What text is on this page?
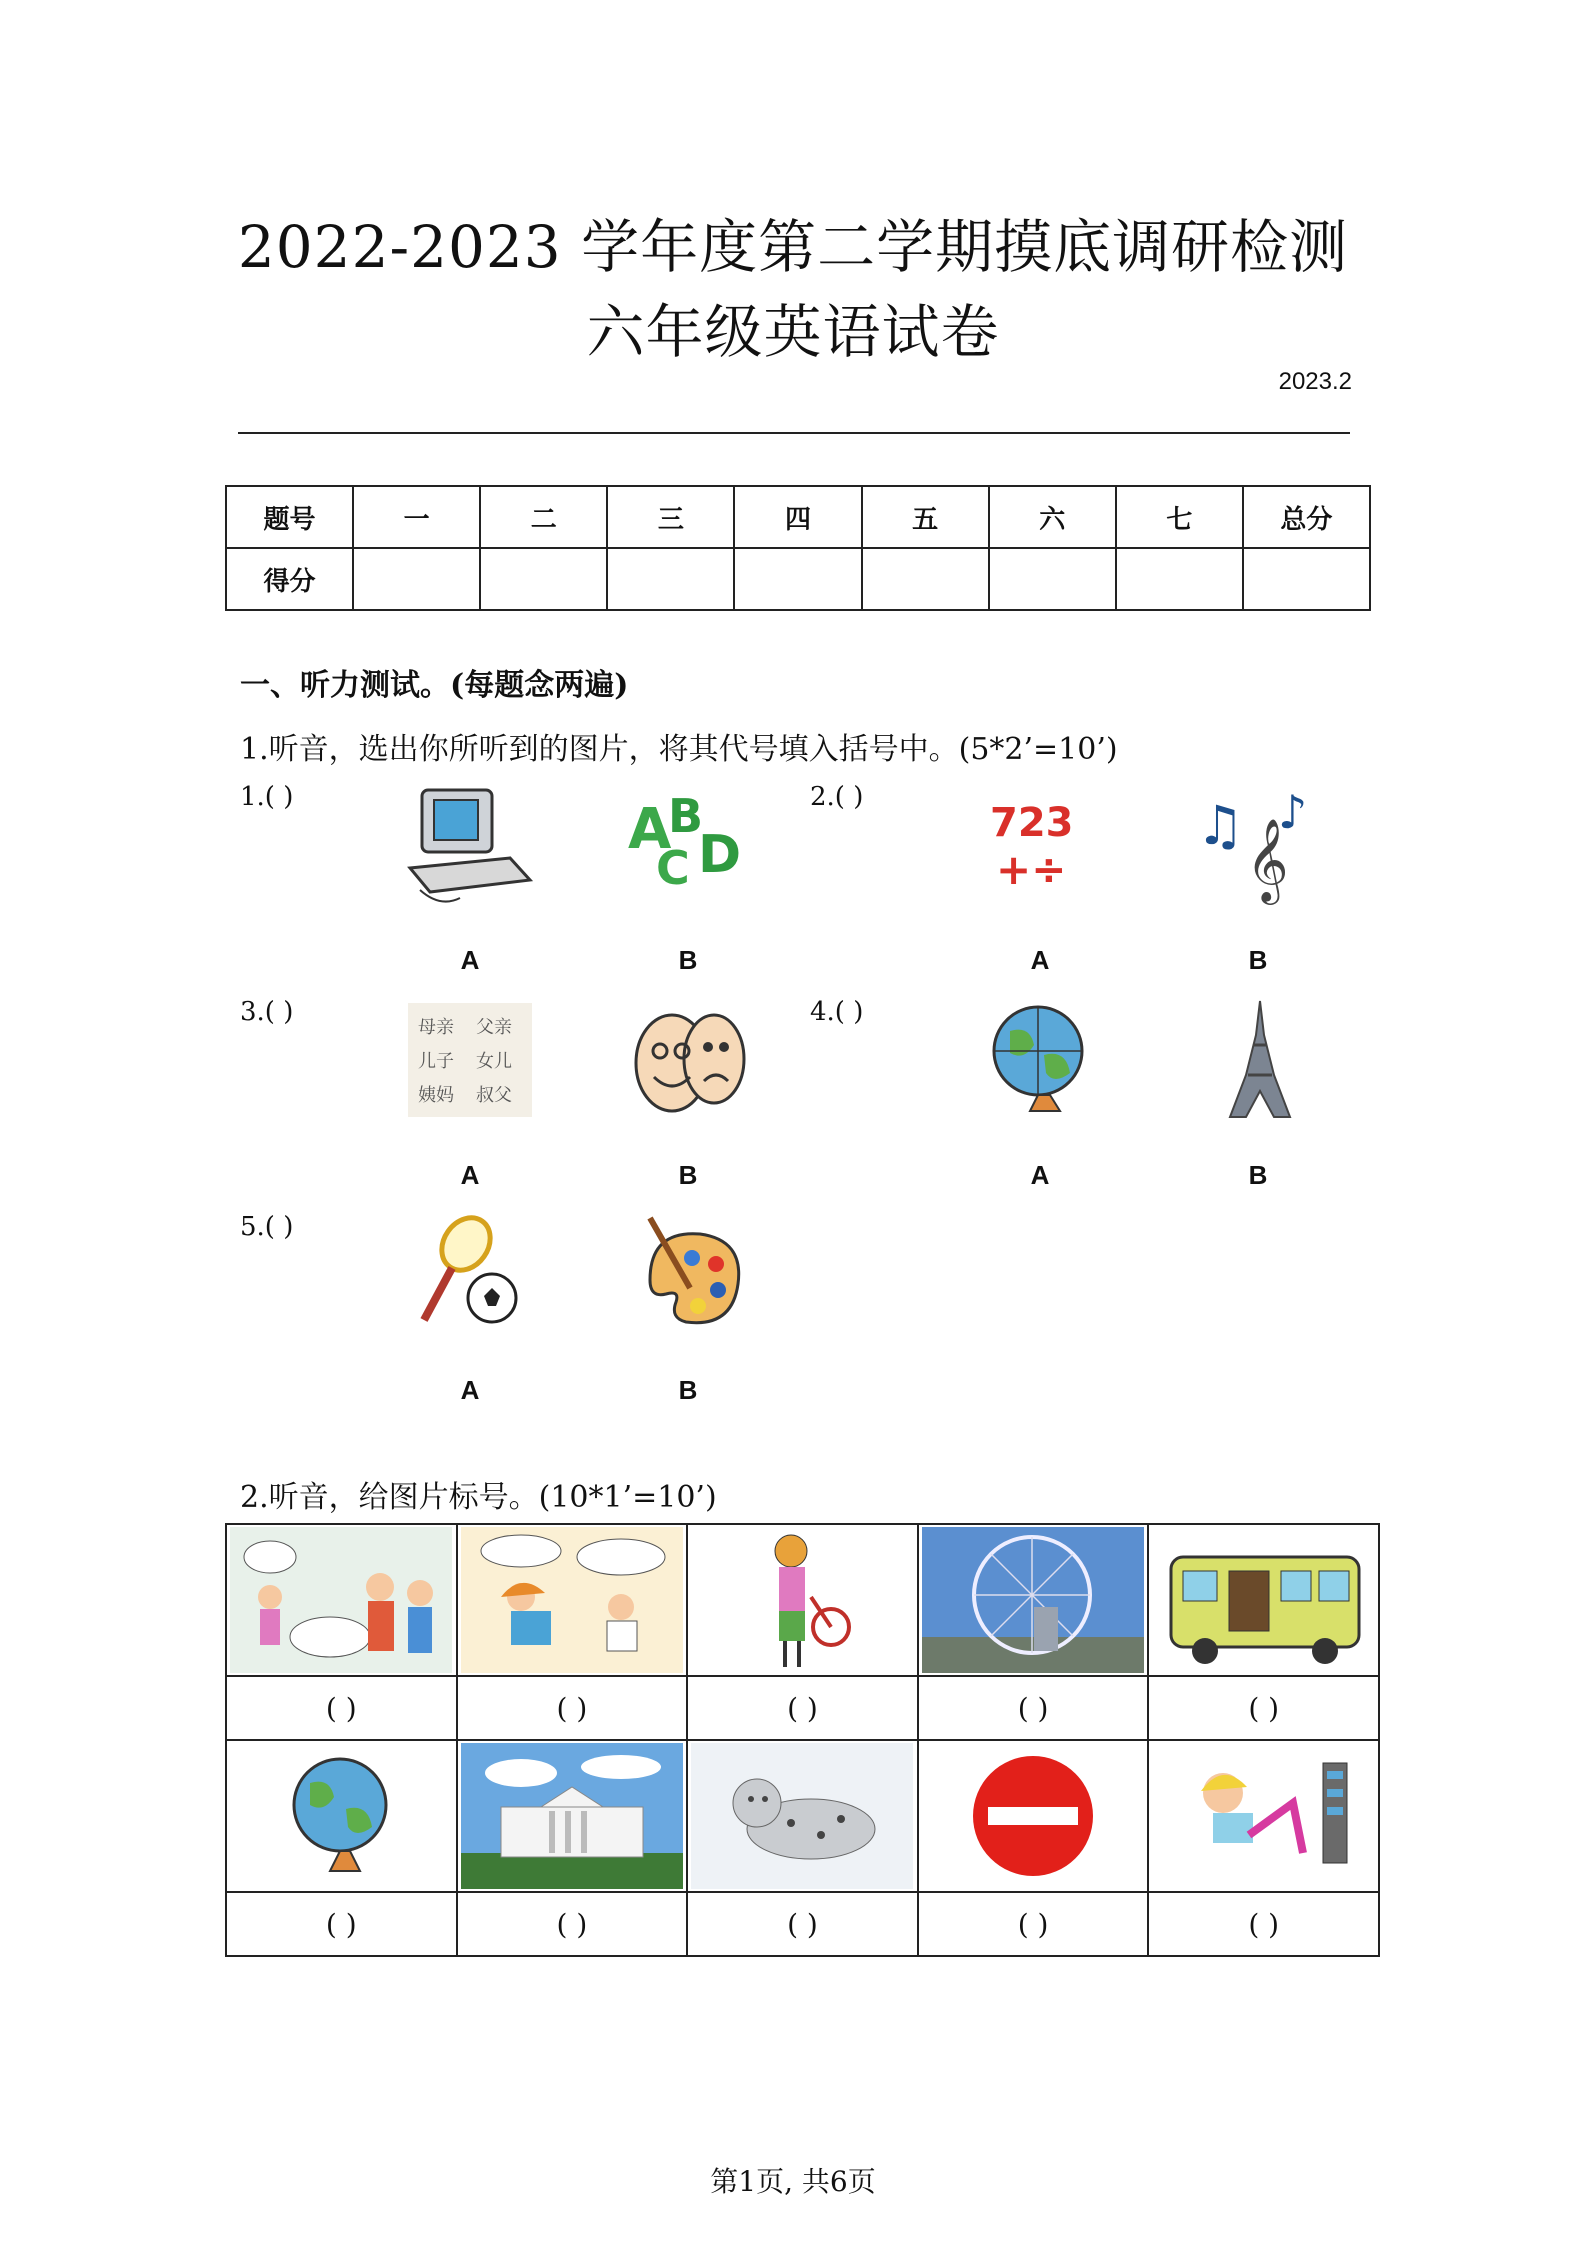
2022-2023 学年度第二学期摸底调研检测
六年级英语试卷
2023.2
题号	一	二	三	四	五	六	七	总分
得分								
一、听力测试。(每题念两遍)
1.听音，选出你所听到的图片，将其代号填入括号中。(5*2’=10’)
1.( )	A
B
C D
A	B
2.( )
723
+÷
♫ 𝄞
♪
A	B
3.( )
母亲 父亲
儿子 女儿
姨妈 叔父
A	B
4.( )
A	B
5.( )
A	B
2.听音，给图片标号。(10*1’=10’)

( )	( )	( )	( )	( )

( )	( )	( )	( )	( )
第1页, 共6页
